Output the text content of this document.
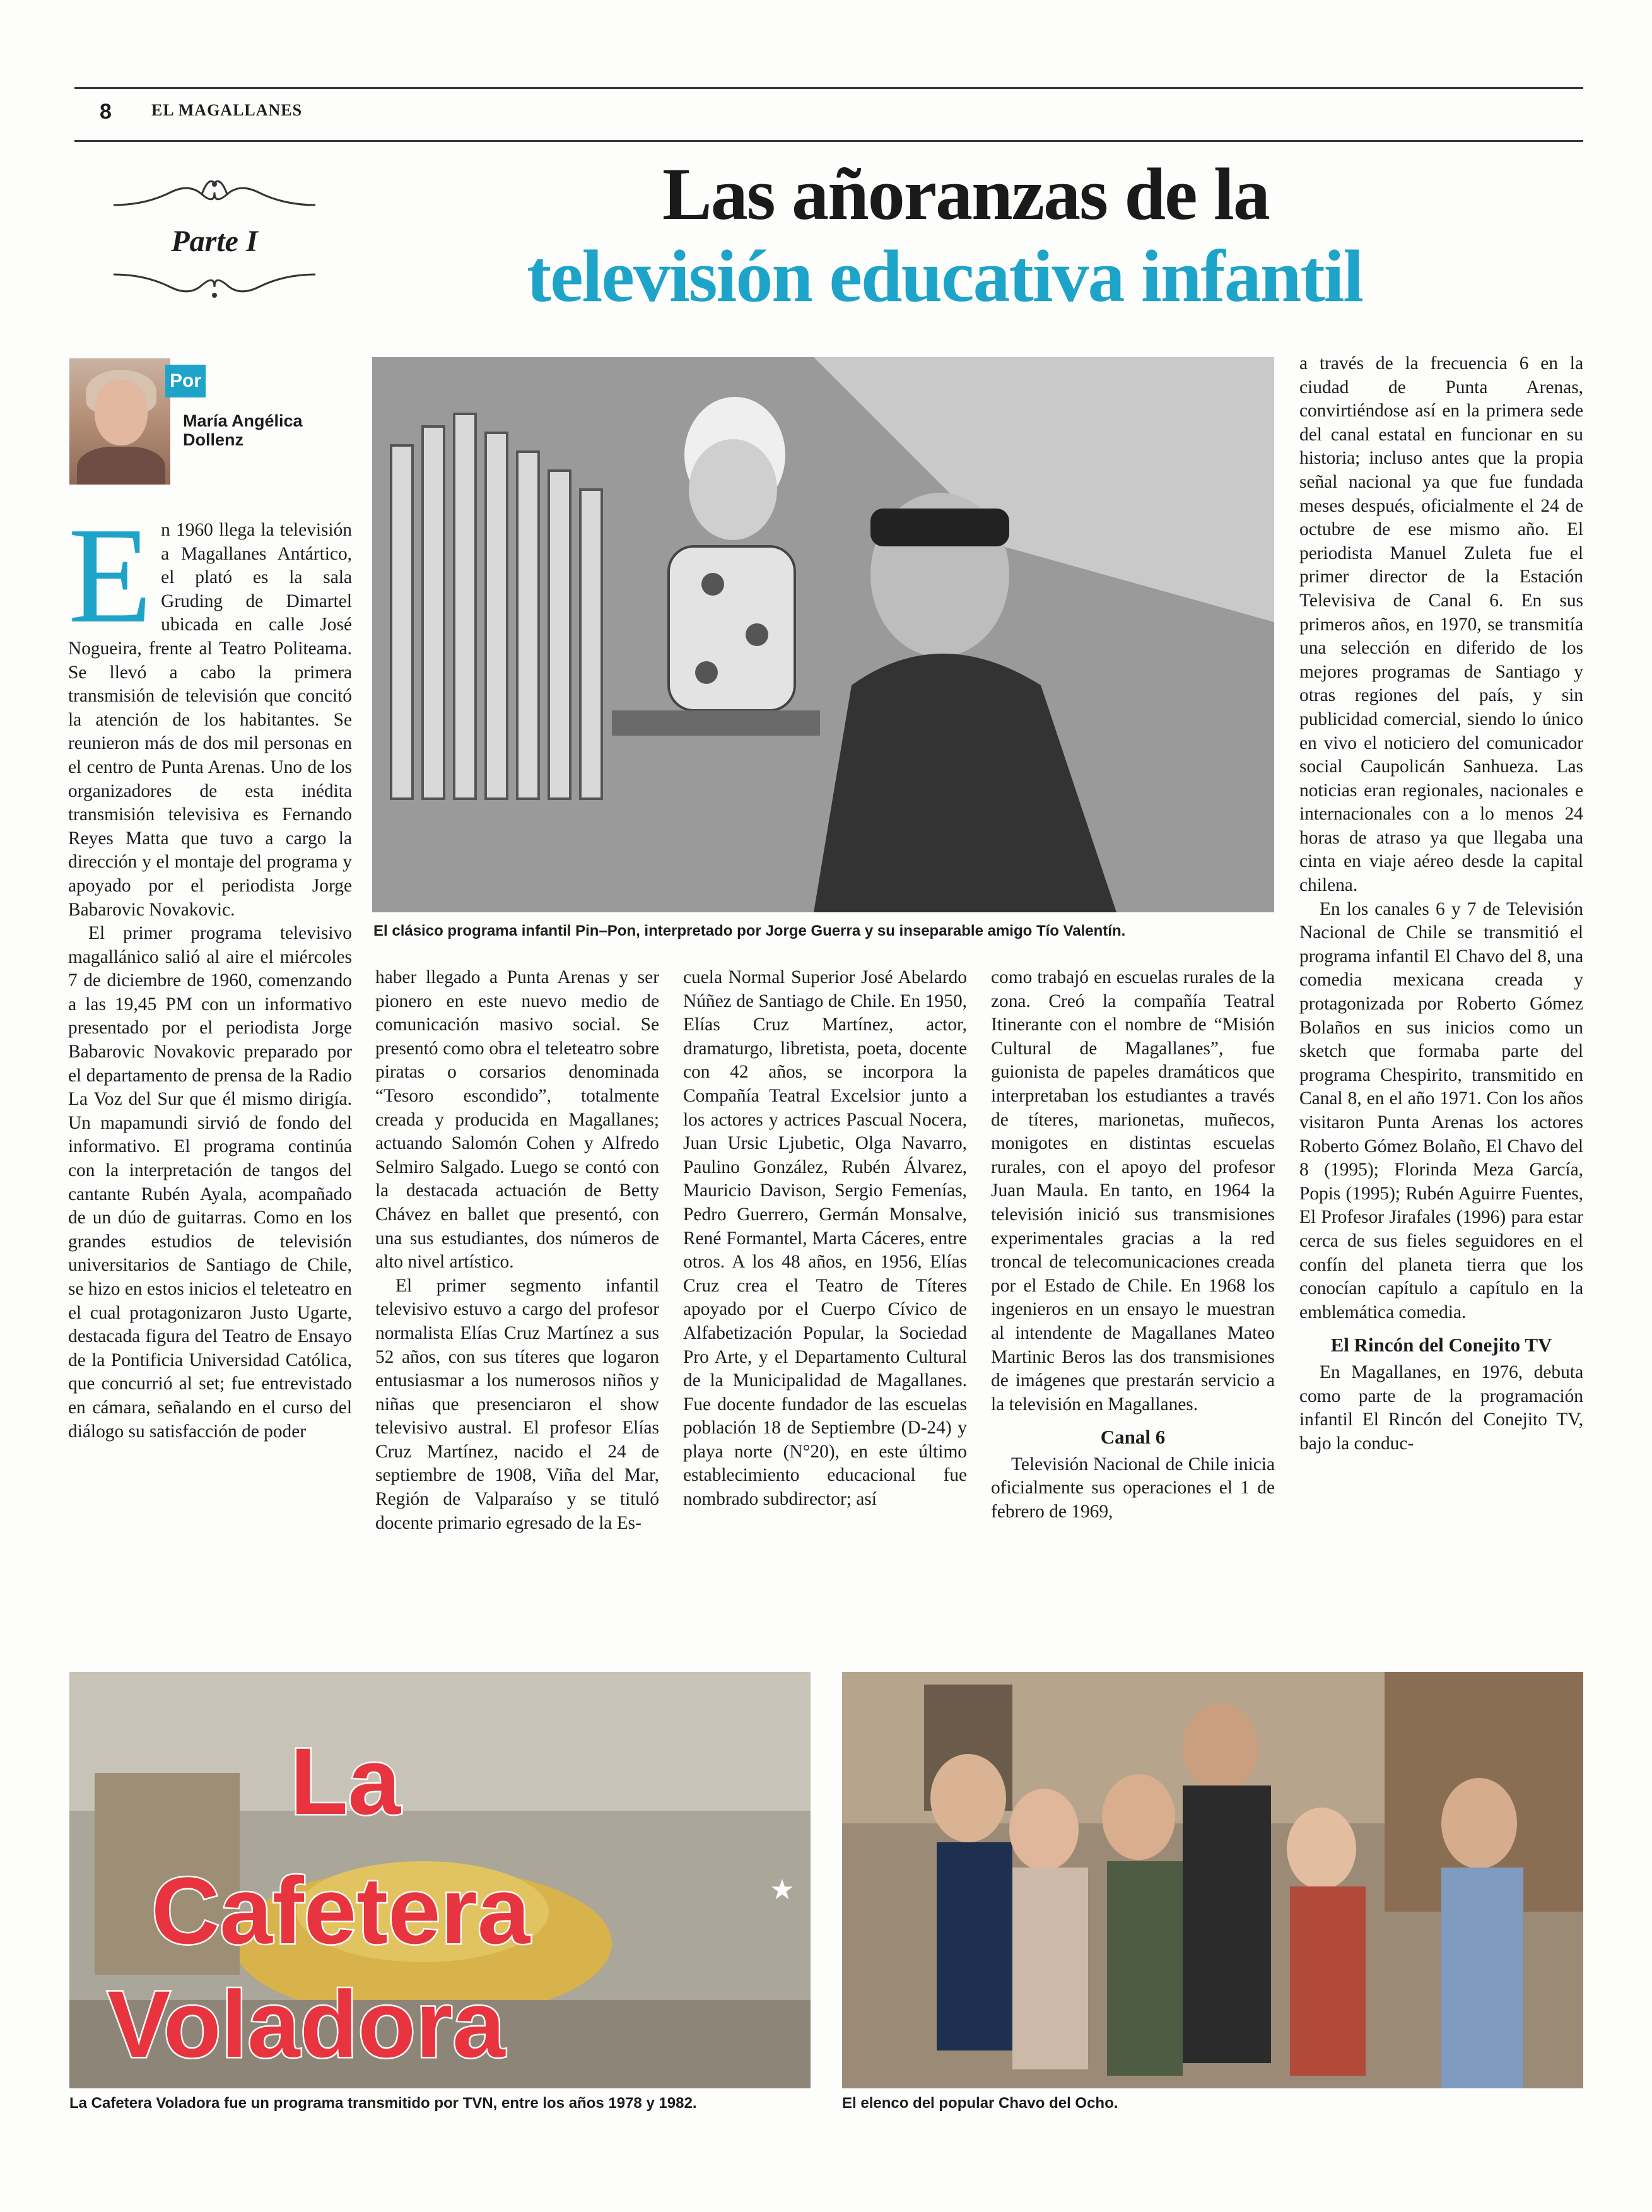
8 EL MAGALLANES
Parte I
Las añoranzas de la
televisión educativa infantil
Por
María Angélica Dollenz

En 1960 llega la televisión a Magallanes Antártico, el plató es la sala Gruding de Dimartel ubicada en calle José Nogueira, frente al Teatro Politeama. Se llevó a cabo la primera transmisión de televisión que concitó la atención de los habitantes. Se reunieron más de dos mil personas en el centro de Punta Arenas. Uno de los organizadores de esta inédita transmisión televisiva es Fernando Reyes Matta que tuvo a cargo la dirección y el montaje del programa y apoyado por el periodista Jorge Babarovic Novakovic.

El primer programa televisivo magallánico salió al aire el miércoles 7 de diciembre de 1960, comenzando a las 19,45 PM con un informativo presentado por el periodista Jorge Babarovic Novakovic preparado por el departamento de prensa de la Radio La Voz del Sur que él mismo dirigía. Un mapamundi sirvió de fondo del informativo. El programa continúa con la interpretación de tangos del cantante Rubén Ayala, acompañado de un dúo de guitarras. Como en los grandes estudios de televisión universitarios de Santiago de Chile, se hizo en estos inicios el teleteatro en el cual protagonizaron Justo Ugarte, destacada figura del Teatro de Ensayo de la Pontificia Universidad Católica, que concurrió al set; fue entrevistado en cámara, señalando en el curso del diálogo su satisfacción de poder

El clásico programa infantil Pin–Pon, interpretado por Jorge Guerra y su inseparable amigo Tío Valentín.

haber llegado a Punta Arenas y ser pionero en este nuevo medio de comunicación masivo social. Se presentó como obra el teleteatro sobre piratas o corsarios denominada “Tesoro escondido”, totalmente creada y producida en Magallanes; actuando Salomón Cohen y Alfredo Selmiro Salgado. Luego se contó con la destacada actuación de Betty Chávez en ballet que presentó, con una sus estudiantes, dos números de alto nivel artístico.

El primer segmento infantil televisivo estuvo a cargo del profesor normalista Elías Cruz Martínez a sus 52 años, con sus títeres que logaron entusiasmar a los numerosos niños y niñas que presenciaron el show televisivo austral. El profesor Elías Cruz Martínez, nacido el 24 de septiembre de 1908, Viña del Mar, Región de Valparaíso y se tituló docente primario egresado de la Es-

cuela Normal Superior José Abelardo Núñez de Santiago de Chile. En 1950, Elías Cruz Martínez, actor, dramaturgo, libretista, poeta, docente con 42 años, se incorpora la Compañía Teatral Excelsior junto a los actores y actrices Pascual Nocera, Juan Ursic Ljubetic, Olga Navarro, Paulino González, Rubén Álvarez, Mauricio Davison, Sergio Femenías, Pedro Guerrero, Germán Monsalve, René Formantel, Marta Cáceres, entre otros. A los 48 años, en 1956, Elías Cruz crea el Teatro de Títeres apoyado por el Cuerpo Cívico de Alfabetización Popular, la Sociedad Pro Arte, y el Departamento Cultural de la Municipalidad de Magallanes. Fue docente fundador de las escuelas población 18 de Septiembre (D-24) y playa norte (N°20), en este último establecimiento educacional fue nombrado subdirector; así

como trabajó en escuelas rurales de la zona. Creó la compañía Teatral Itinerante con el nombre de “Misión Cultural de Magallanes”, fue guionista de papeles dramáticos que interpretaban los estudiantes a través de títeres, marionetas, muñecos, monigotes en distintas escuelas rurales, con el apoyo del profesor Juan Maula. En tanto, en 1964 la televisión inició sus transmisiones experimentales gracias a la red troncal de telecomunicaciones creada por el Estado de Chile. En 1968 los ingenieros en un ensayo le muestran al intendente de Magallanes Mateo Martinic Beros las dos transmisiones de imágenes que prestarán servicio a la televisión en Magallanes.

Canal 6

Televisión Nacional de Chile inicia oficialmente sus operaciones el 1 de febrero de 1969,

a través de la frecuencia 6 en la ciudad de Punta Arenas, convirtiéndose así en la primera sede del canal estatal en funcionar en su historia; incluso antes que la propia señal nacional ya que fue fundada meses después, oficialmente el 24 de octubre de ese mismo año. El periodista Manuel Zuleta fue el primer director de la Estación Televisiva de Canal 6. En sus primeros años, en 1970, se transmitía una selección en diferido de los mejores programas de Santiago y otras regiones del país, y sin publicidad comercial, siendo lo único en vivo el noticiero del comunicador social Caupolicán Sanhueza. Las noticias eran regionales, nacionales e internacionales con a lo menos 24 horas de atraso ya que llegaba una cinta en viaje aéreo desde la capital chilena.

En los canales 6 y 7 de Televisión Nacional de Chile se transmitió el programa infantil El Chavo del 8, una comedia mexicana creada y protagonizada por Roberto Gómez Bolaños en sus inicios como un sketch que formaba parte del programa Chespirito, transmitido en Canal 8, en el año 1971. Con los años visitaron Punta Arenas los actores Roberto Gómez Bolaño, El Chavo del 8 (1995); Florinda Meza García, Popis (1995); Rubén Aguirre Fuentes, El Profesor Jirafales (1996) para estar cerca de sus fieles seguidores en el confín del planeta tierra que los conocían capítulo a capítulo en la emblemática comedia.

El Rincón del Conejito TV

En Magallanes, en 1976, debuta como parte de la programación infantil El Rincón del Conejito TV, bajo la conduc-

★
La
Cafetera
Voladora
La Cafetera Voladora fue un programa transmitido por TVN, entre los años 1978 y 1982.	El elenco del popular Chavo del Ocho.
